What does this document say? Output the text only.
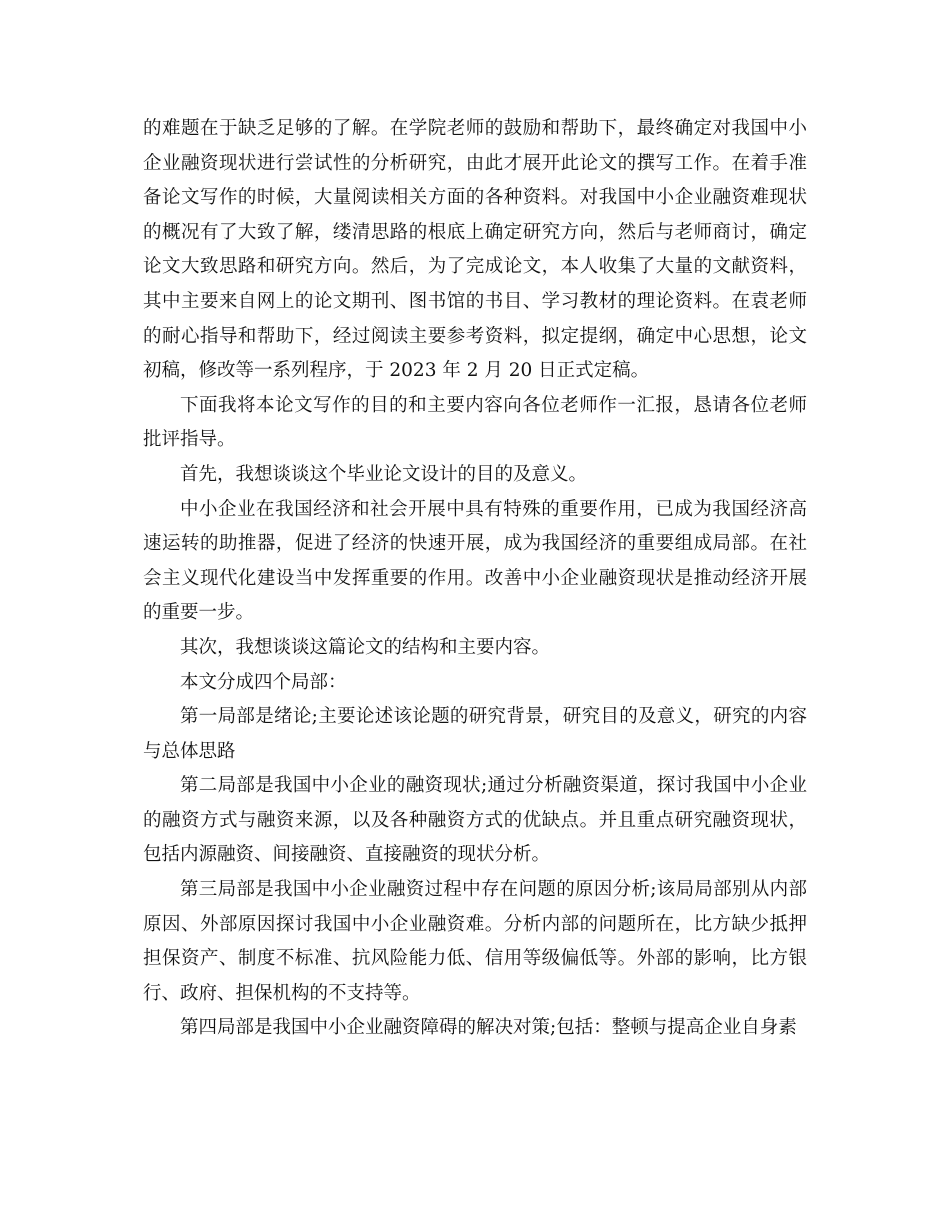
的难题在于缺乏足够的了解。在学院老师的鼓励和帮助下，最终确定对我国中小企业融资现状进行尝试性的分析研究，由此才展开此论文的撰写工作。在着手准备论文写作的时候，大量阅读相关方面的各种资料。对我国中小企业融资难现状的概况有了大致了解，缕清思路的根底上确定研究方向，然后与老师商讨，确定论文大致思路和研究方向。然后，为了完成论文，本人收集了大量的文献资料，其中主要来自网上的论文期刊、图书馆的书目、学习教材的理论资料。在袁老师的耐心指导和帮助下，经过阅读主要参考资料，拟定提纲，确定中心思想，论文初稿，修改等一系列程序，于 2023 年 2 月 20 日正式定稿。

下面我将本论文写作的目的和主要内容向各位老师作一汇报，恳请各位老师批评指导。

首先，我想谈谈这个毕业论文设计的目的及意义。

中小企业在我国经济和社会开展中具有特殊的重要作用，已成为我国经济高速运转的助推器，促进了经济的快速开展，成为我国经济的重要组成局部。在社会主义现代化建设当中发挥重要的作用。改善中小企业融资现状是推动经济开展的重要一步。

其次，我想谈谈这篇论文的结构和主要内容。

本文分成四个局部：

第一局部是绪论;主要论述该论题的研究背景，研究目的及意义，研究的内容与总体思路

第二局部是我国中小企业的融资现状;通过分析融资渠道，探讨我国中小企业的融资方式与融资来源，以及各种融资方式的优缺点。并且重点研究融资现状，包括内源融资、间接融资、直接融资的现状分析。

第三局部是我国中小企业融资过程中存在问题的原因分析;该局局部别从内部原因、外部原因探讨我国中小企业融资难。分析内部的问题所在，比方缺少抵押担保资产、制度不标准、抗风险能力低、信用等级偏低等。外部的影响，比方银行、政府、担保机构的不支持等。

第四局部是我国中小企业融资障碍的解决对策;包括：整顿与提高企业自身素
